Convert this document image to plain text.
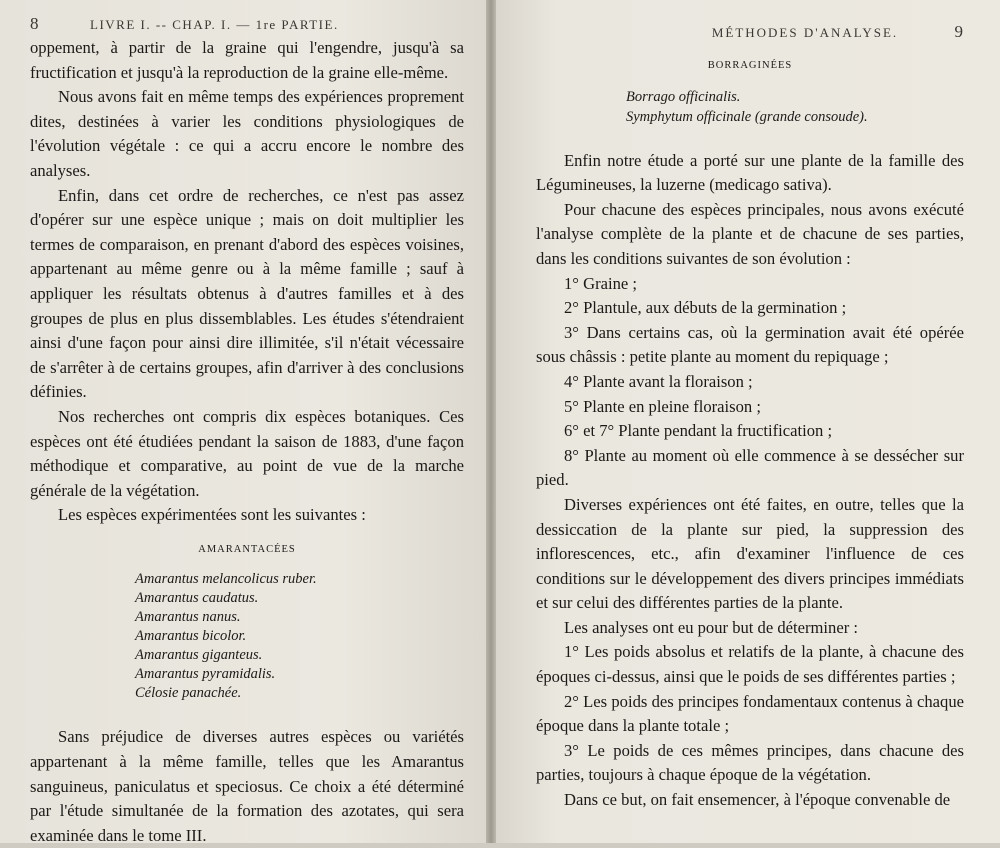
8	LIVRE I. -- CHAP. I. — 1re PARTIE.

oppement, à partir de la graine qui l'engendre, jusqu'à sa fructification et jusqu'à la reproduction de la graine elle-même.

Nous avons fait en même temps des expériences proprement dites, destinées à varier les conditions physiologiques de l'évolution végétale : ce qui a accru encore le nombre des analyses.

Enfin, dans cet ordre de recherches, ce n'est pas assez d'opérer sur une espèce unique ; mais on doit multiplier les termes de comparaison, en prenant d'abord des espèces voisines, appartenant au même genre ou à la même famille ; sauf à appliquer les résultats obtenus à d'autres familles et à des groupes de plus en plus dissemblables. Les études s'étendraient ainsi d'une façon pour ainsi dire illimitée, s'il n'était vécessaire de s'arrêter à de certains groupes, afin d'arriver à des conclusions définies.

Nos recherches ont compris dix espèces botaniques. Ces espèces ont été étudiées pendant la saison de 1883, d'une façon méthodique et comparative, au point de vue de la marche générale de la végétation.

Les espèces expérimentées sont les suivantes :

AMARANTACÉES
Amarantus melancolicus ruber.
Amarantus caudatus.
Amarantus nanus.
Amarantus bicolor.
Amarantus giganteus.
Amarantus pyramidalis.
Célosie panachée.

Sans préjudice de diverses autres espèces ou variétés appartenant à la même famille, telles que les Amarantus sanguineus, paniculatus et speciosus. Ce choix a été déterminé par l'étude simultanée de la formation des azotates, qui sera examinée dans le tome III.

MÉTHODES D'ANALYSE.	9
BORRAGINÉES
Borrago officinalis.
Symphytum officinale (grande consoude).

Enfin notre étude a porté sur une plante de la famille des Légumineuses, la luzerne (medicago sativa).

Pour chacune des espèces principales, nous avons exécuté l'analyse complète de la plante et de chacune de ses parties, dans les conditions suivantes de son évolution :

1° Graine ;

2° Plantule, aux débuts de la germination ;

3° Dans certains cas, où la germination avait été opérée sous châssis : petite plante au moment du repiquage ;

4° Plante avant la floraison ;

5° Plante en pleine floraison ;

6° et 7° Plante pendant la fructification ;

8° Plante au moment où elle commence à se dessécher sur pied.

Diverses expériences ont été faites, en outre, telles que la dessiccation de la plante sur pied, la suppression des inflorescences, etc., afin d'examiner l'influence de ces conditions sur le développement des divers principes immédiats et sur celui des différentes parties de la plante.

Les analyses ont eu pour but de déterminer :

1° Les poids absolus et relatifs de la plante, à chacune des époques ci-dessus, ainsi que le poids de ses différentes parties ;

2° Les poids des principes fondamentaux contenus à chaque époque dans la plante totale ;

3° Le poids de ces mêmes principes, dans chacune des parties, toujours à chaque époque de la végétation.

Dans ce but, on fait ensemencer, à l'époque convenable de
